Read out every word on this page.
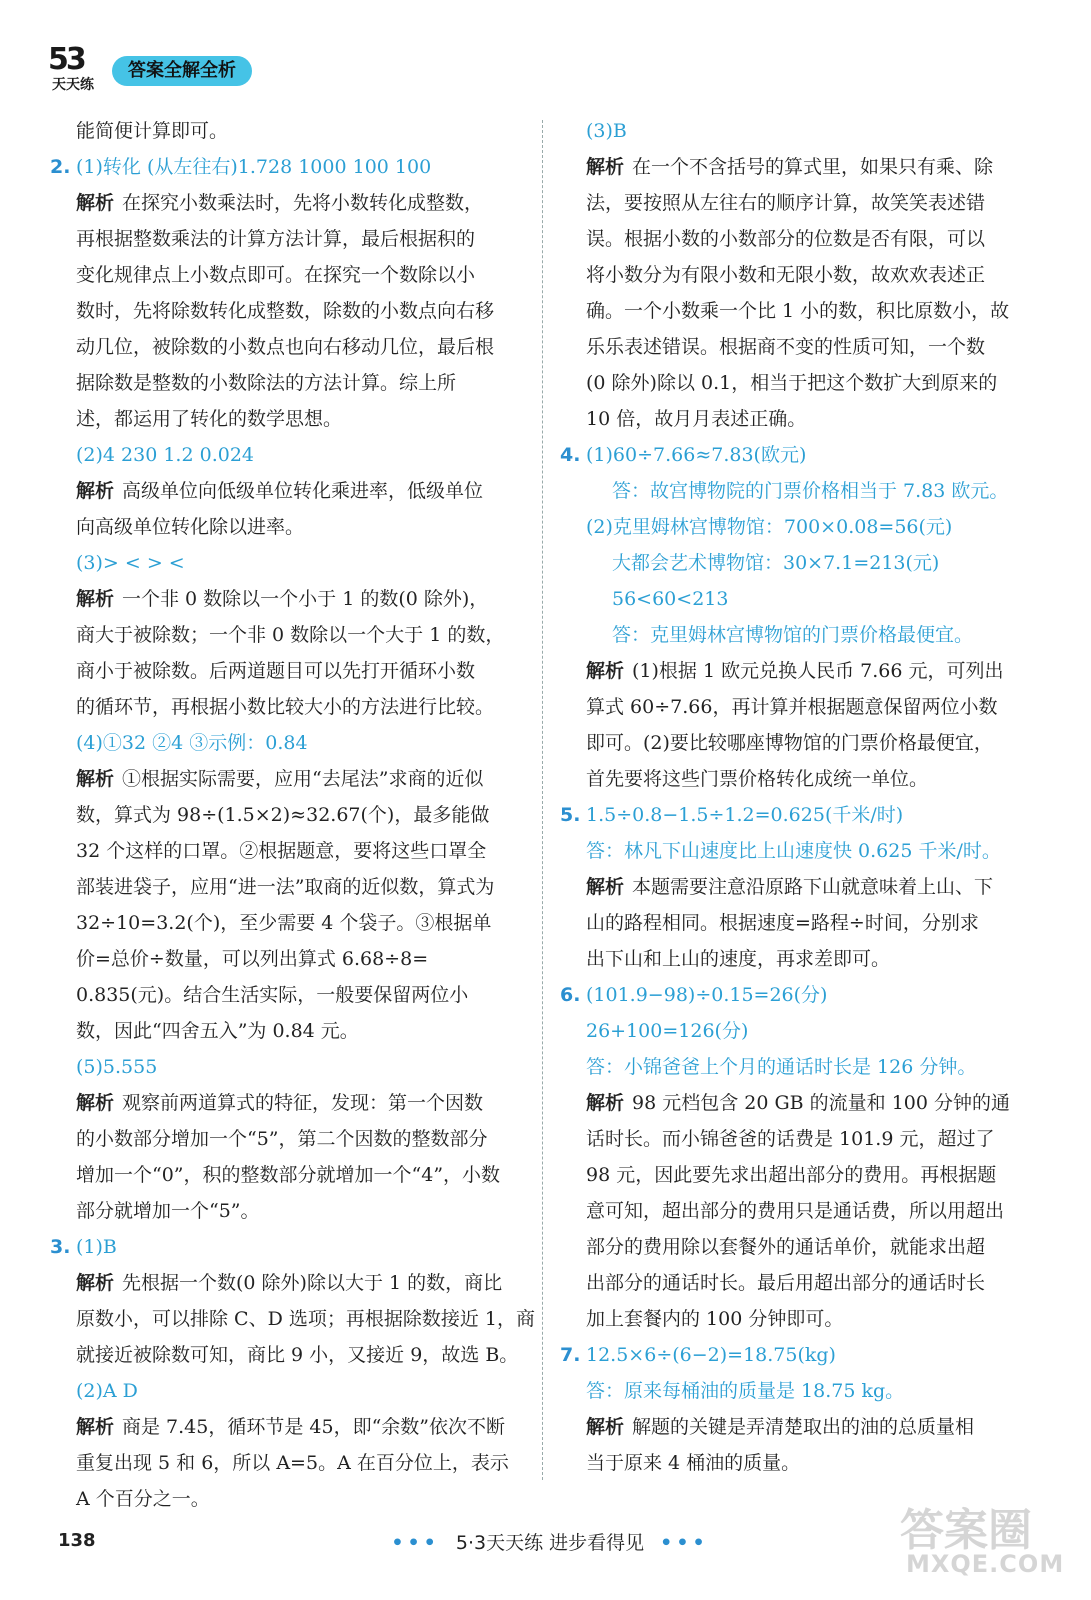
53
天天练
答案全解全析
能简便计算即可。
2. (1)转化 (从左往右)1.728 1000 100 100
解析 在探究小数乘法时，先将小数转化成整数，
再根据整数乘法的计算方法计算，最后根据积的
变化规律点上小数点即可。在探究一个数除以小
数时，先将除数转化成整数，除数的小数点向右移
动几位，被除数的小数点也向右移动几位，最后根
据除数是整数的小数除法的方法计算。综上所
述，都运用了转化的数学思想。
(2)4 230 1.2 0.024
解析 高级单位向低级单位转化乘进率，低级单位
向高级单位转化除以进率。
(3)> < > <
解析 一个非 0 数除以一个小于 1 的数(0 除外)，
商大于被除数；一个非 0 数除以一个大于 1 的数，
商小于被除数。后两道题目可以先打开循环小数
的循环节，再根据小数比较大小的方法进行比较。
(4)①32 ②4 ③示例：0.84
解析 ①根据实际需要，应用“去尾法”求商的近似
数，算式为 98÷(1.5×2)≈32.67(个)，最多能做
32 个这样的口罩。②根据题意，要将这些口罩全
部装进袋子，应用“进一法”取商的近似数，算式为
32÷10=3.2(个)，至少需要 4 个袋子。③根据单
价=总价÷数量，可以列出算式 6.68÷8=
0.835(元)。结合生活实际，一般要保留两位小
数，因此“四舍五入”为 0.84 元。
(5)5.555
解析 观察前两道算式的特征，发现：第一个因数
的小数部分增加一个“5”，第二个因数的整数部分
增加一个“0”，积的整数部分就增加一个“4”，小数
部分就增加一个“5”。
3. (1)B
解析 先根据一个数(0 除外)除以大于 1 的数，商比
原数小，可以排除 C、D 选项；再根据除数接近 1，商
就接近被除数可知，商比 9 小，又接近 9，故选 B。
(2)A D
解析 商是 7.45，循环节是 45，即“余数”依次不断
重复出现 5 和 6，所以 A=5。A 在百分位上，表示
A 个百分之一。
(3)B
解析 在一个不含括号的算式里，如果只有乘、除
法，要按照从左往右的顺序计算，故笑笑表述错
误。根据小数的小数部分的位数是否有限，可以
将小数分为有限小数和无限小数，故欢欢表述正
确。一个小数乘一个比 1 小的数，积比原数小，故
乐乐表述错误。根据商不变的性质可知，一个数
(0 除外)除以 0.1，相当于把这个数扩大到原来的
10 倍，故月月表述正确。
4. (1)60÷7.66≈7.83(欧元)
答：故宫博物院的门票价格相当于 7.83 欧元。
(2)克里姆林宫博物馆：700×0.08=56(元)
大都会艺术博物馆：30×7.1=213(元)
56<60<213
答：克里姆林宫博物馆的门票价格最便宜。
解析 (1)根据 1 欧元兑换人民币 7.66 元，可列出
算式 60÷7.66，再计算并根据题意保留两位小数
即可。(2)要比较哪座博物馆的门票价格最便宜，
首先要将这些门票价格转化成统一单位。
5. 1.5÷0.8−1.5÷1.2=0.625(千米/时)
答：林凡下山速度比上山速度快 0.625 千米/时。
解析 本题需要注意沿原路下山就意味着上山、下
山的路程相同。根据速度=路程÷时间，分别求
出下山和上山的速度，再求差即可。
6. (101.9−98)÷0.15=26(分)
26+100=126(分)
答：小锦爸爸上个月的通话时长是 126 分钟。
解析 98 元档包含 20 GB 的流量和 100 分钟的通
话时长。而小锦爸爸的话费是 101.9 元，超过了
98 元，因此要先求出超出部分的费用。再根据题
意可知，超出部分的费用只是通话费，所以用超出
部分的费用除以套餐外的通话单价，就能求出超
出部分的通话时长。最后用超出部分的通话时长
加上套餐内的 100 分钟即可。
7. 12.5×6÷(6−2)=18.75(kg)
答：原来每桶油的质量是 18.75 kg。
解析 解题的关键是弄清楚取出的油的总质量相
当于原来 4 桶油的质量。
138	••• 5·3天天练 进步看得见 •••	答案圈
MXQE.COM
